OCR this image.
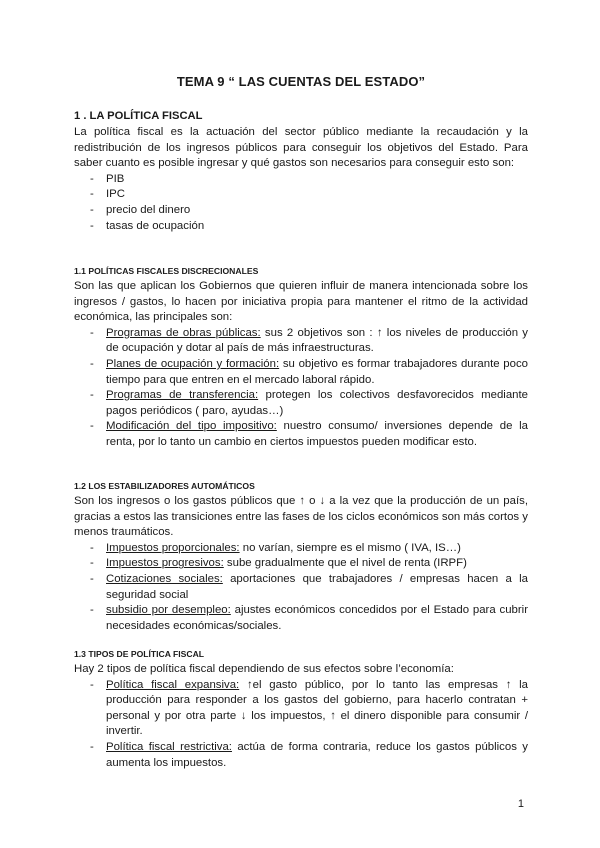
TEMA 9 “ LAS CUENTAS DEL ESTADO”

1 . LA POLÍTICA FISCAL

La política fiscal es la actuación del sector público mediante la recaudación y la redistribución de los ingresos públicos para conseguir los objetivos del Estado. Para saber cuanto es posible ingresar y qué gastos son necesarios para conseguir esto son:

- PIB
- IPC
- precio del dinero
- tasas de ocupación

1.1 POLÍTICAS FISCALES DISCRECIONALES

Son las que aplican los Gobiernos que quieren influir de manera intencionada sobre los ingresos / gastos, lo hacen por iniciativa propia para mantener el ritmo de la actividad económica, las principales son:

- Programas de obras públicas: sus 2 objetivos son : ↑ los niveles de producción y de ocupación y dotar al país de más infraestructuras.
- Planes de ocupación y formación: su objetivo es formar trabajadores durante poco tiempo para que entren en el mercado laboral rápido.
- Programas de transferencia: protegen los colectivos desfavorecidos mediante pagos periódicos ( paro, ayudas…)
- Modificación del tipo impositivo: nuestro consumo/ inversiones depende de la renta, por lo tanto un cambio en ciertos impuestos pueden modificar esto.

1.2 LOS ESTABILIZADORES AUTOMÁTICOS

Son los ingresos o los gastos públicos que ↑ o ↓ a la vez que la producción de un país, gracias a estos las transiciones entre las fases de los ciclos económicos son más cortos y menos traumáticos.

- Impuestos proporcionales: no varían, siempre es el mismo ( IVA, IS…)
- Impuestos progresivos: sube gradualmente que el nivel de renta (IRPF)
- Cotizaciones sociales: aportaciones que trabajadores / empresas hacen a la seguridad social
- subsidio por desempleo: ajustes económicos concedidos por el Estado para cubrir necesidades económicas/sociales.

1.3 TIPOS DE POLÍTICA FISCAL

Hay 2 tipos de política fiscal dependiendo de sus efectos sobre l’economía:

- Política fiscal expansiva: ↑el gasto público, por lo tanto las empresas ↑ la producción para responder a los gastos del gobierno, para hacerlo contratan + personal y por otra parte ↓ los impuestos, ↑ el dinero disponible para consumir / invertir.
- Política fiscal restrictiva: actúa de forma contraria, reduce los gastos públicos y aumenta los impuestos.
1
